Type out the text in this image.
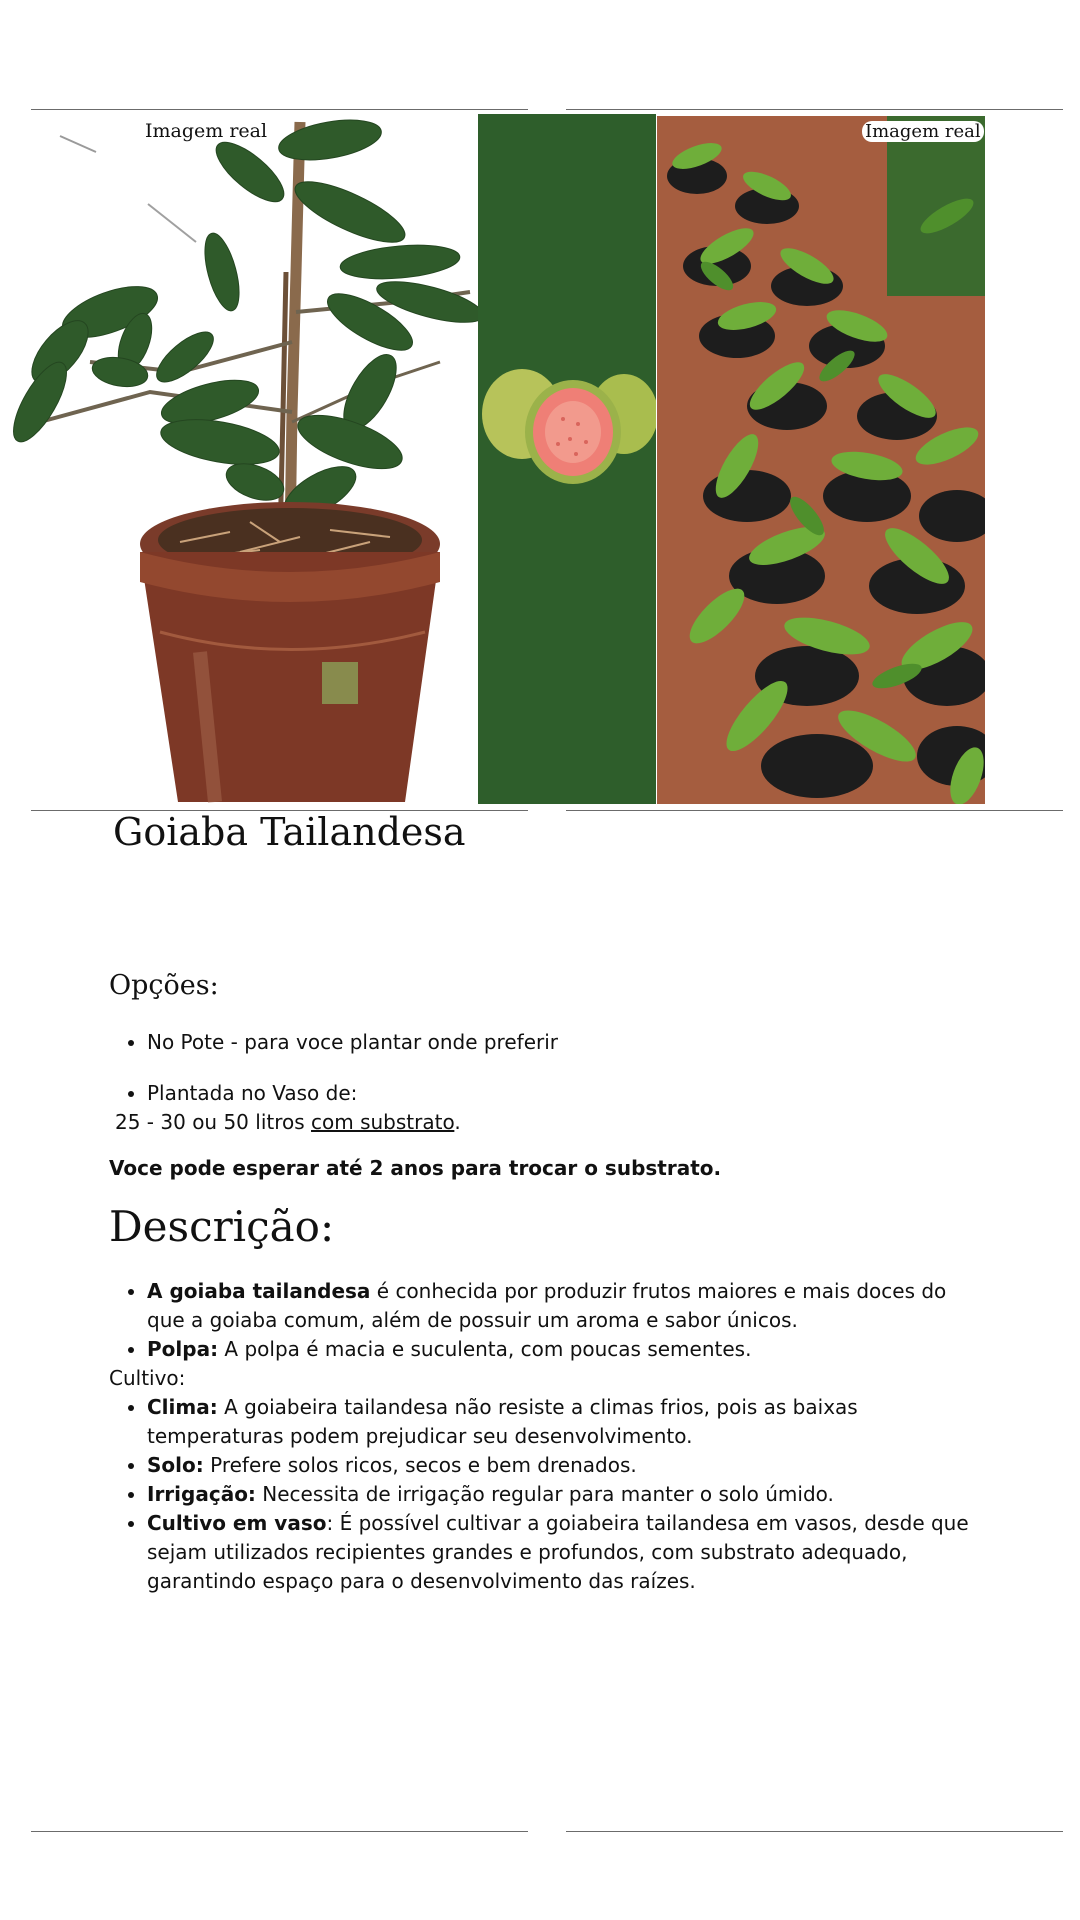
Imagem real	Imagem real
Goiaba Tailandesa
Opções:
• No Pote - para voce plantar onde preferir
• Plantada no Vaso de:
25 - 30 ou 50 litros com substrato.

Voce pode esperar até 2 anos para trocar o substrato.

Descrição:
• A goiaba tailandesa é conhecida por produzir frutos maiores e mais doces do que a goiaba comum, além de possuir um aroma e sabor únicos.
• Polpa: A polpa é macia e suculenta, com poucas sementes.
Cultivo:
• Clima: A goiabeira tailandesa não resiste a climas frios, pois as baixas temperaturas podem prejudicar seu desenvolvimento.
• Solo: Prefere solos ricos, secos e bem drenados.
• Irrigação: Necessita de irrigação regular para manter o solo úmido.
• Cultivo em vaso: É possível cultivar a goiabeira tailandesa em vasos, desde que sejam utilizados recipientes grandes e profundos, com substrato adequado, garantindo espaço para o desenvolvimento das raízes.
